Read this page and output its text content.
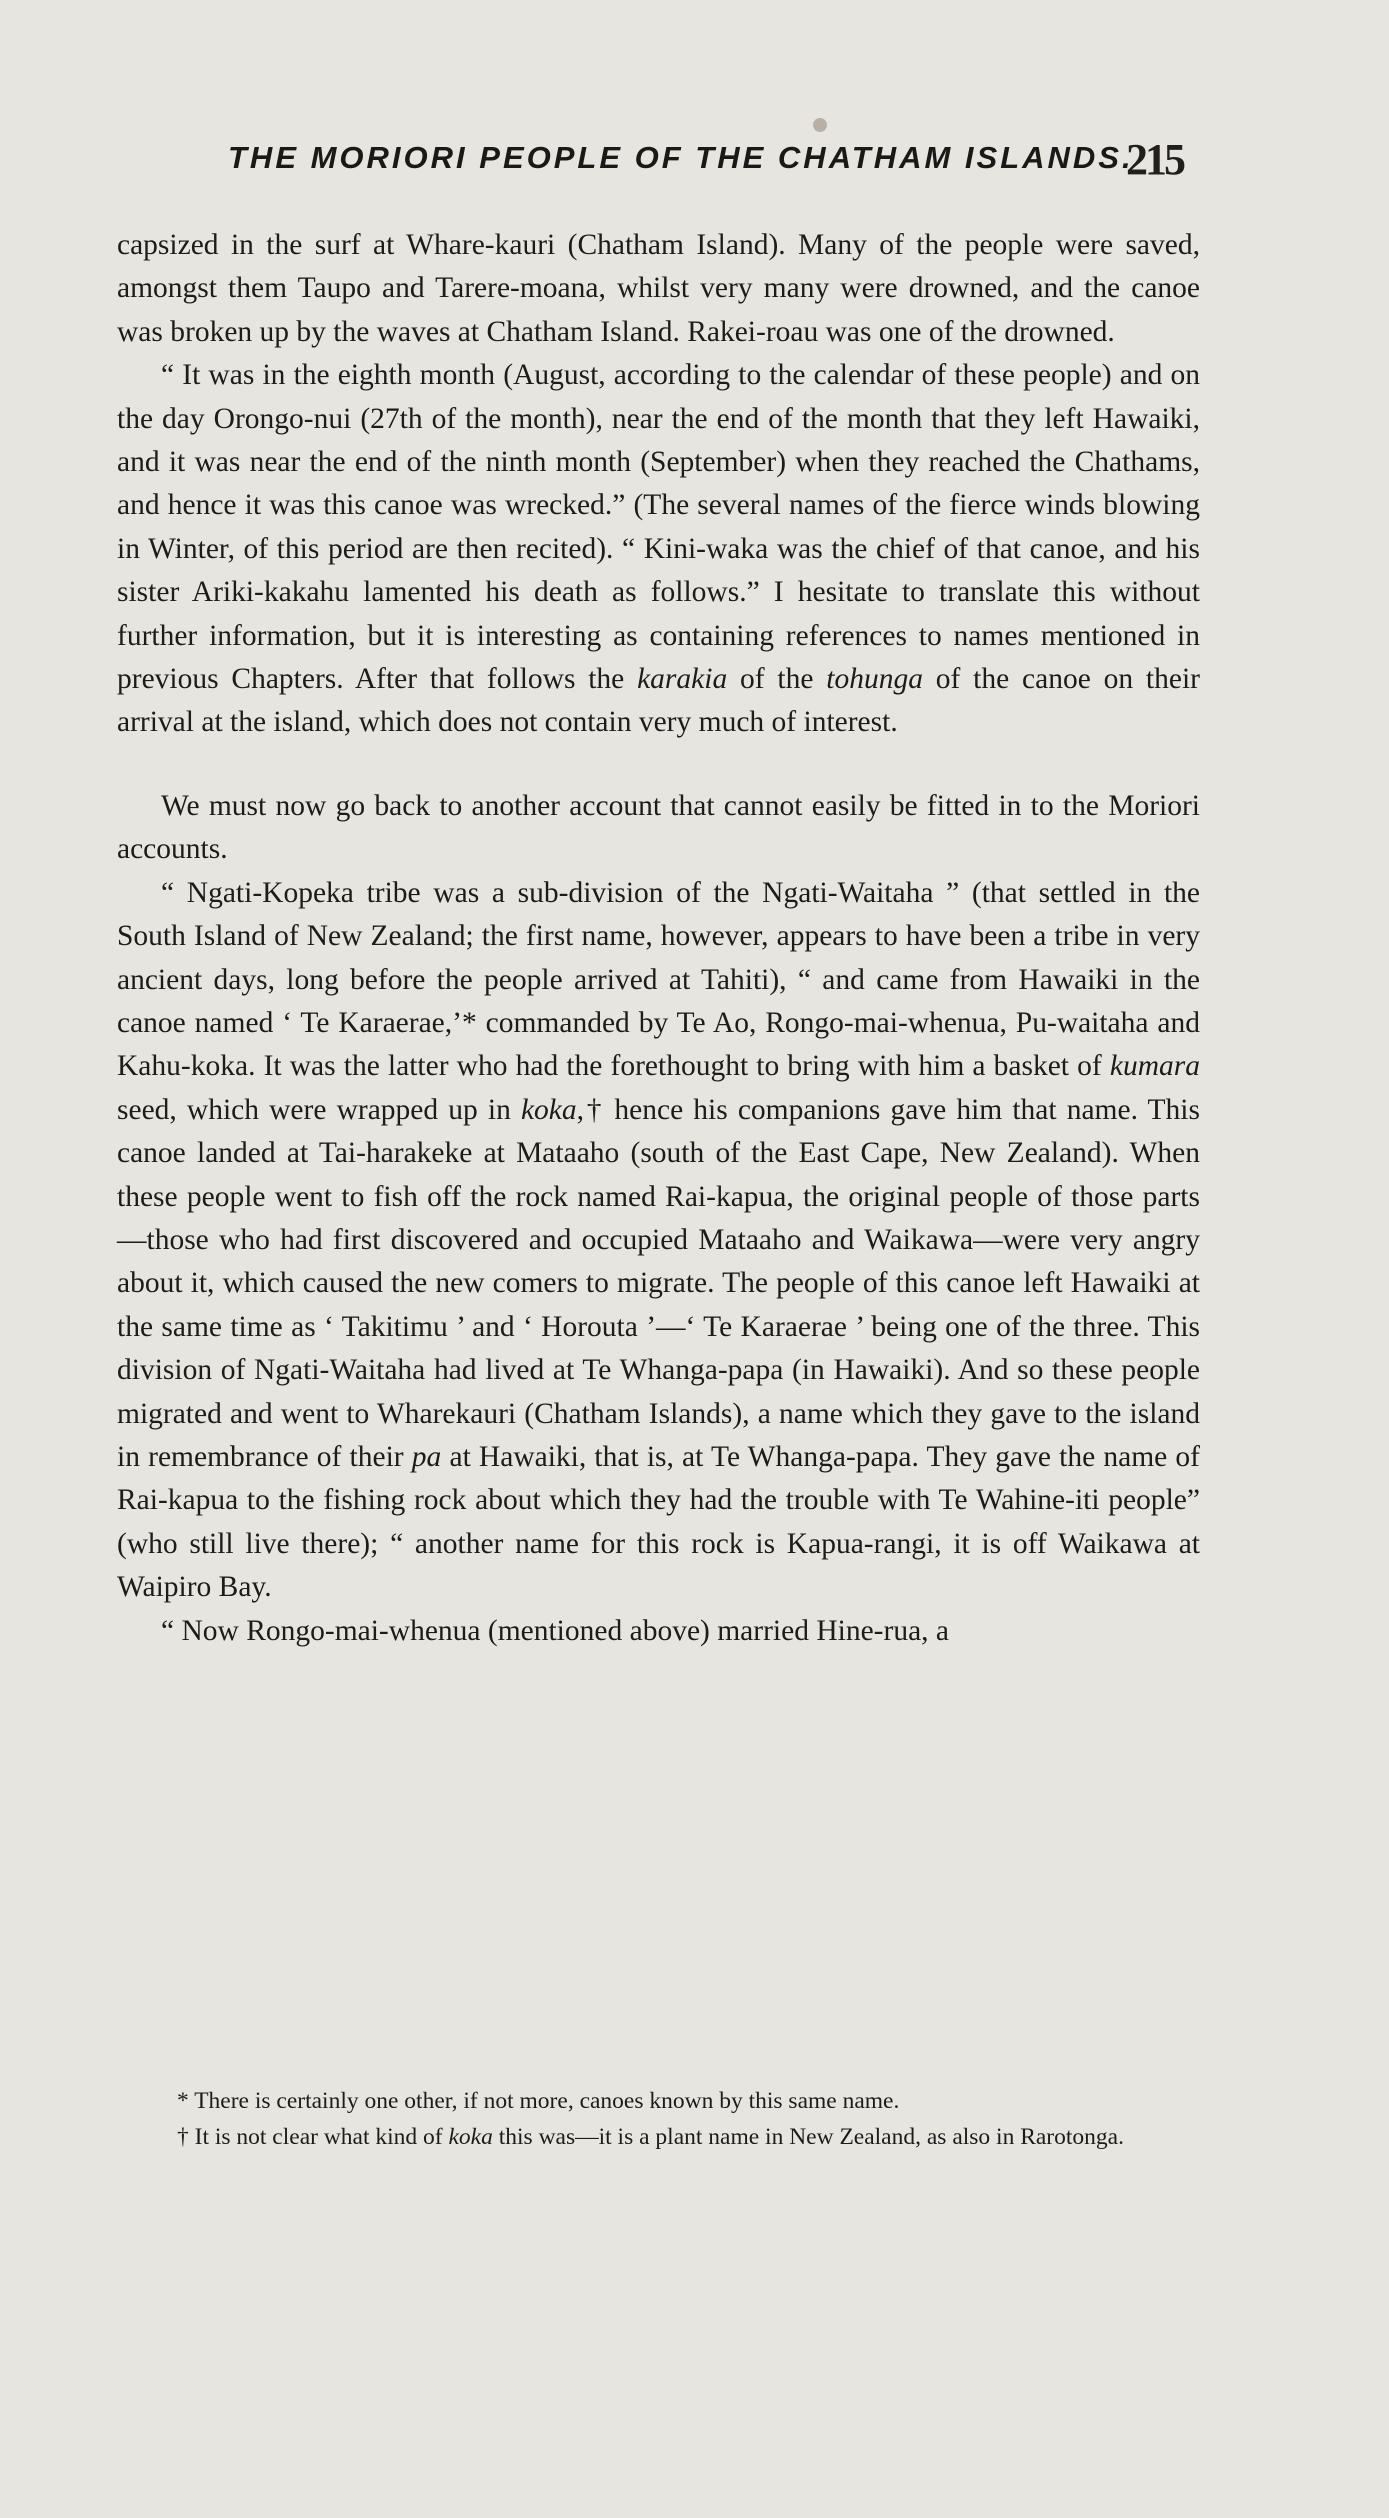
THE MORIORI PEOPLE OF THE CHATHAM ISLANDS.
215

capsized in the surf at Whare-kauri (Chatham Island). Many of the people were saved, amongst them Taupo and Tarere-moana, whilst very many were drowned, and the canoe was broken up by the waves at Chatham Island. Rakei-roau was one of the drowned.

“ It was in the eighth month (August, according to the calendar of these people) and on the day Orongo-nui (27th of the month), near the end of the month that they left Hawaiki, and it was near the end of the ninth month (September) when they reached the Chathams, and hence it was this canoe was wrecked.” (The several names of the fierce winds blowing in Winter, of this period are then recited). “ Kini-waka was the chief of that canoe, and his sister Ariki-kakahu lamented his death as follows.” I hesitate to translate this without further information, but it is interesting as containing references to names mentioned in previous Chapters. After that follows the karakia of the tohunga of the canoe on their arrival at the island, which does not contain very much of interest.

We must now go back to another account that cannot easily be fitted in to the Moriori accounts.

“ Ngati-Kopeka tribe was a sub-division of the Ngati-Waitaha ” (that settled in the South Island of New Zealand; the first name, however, appears to have been a tribe in very ancient days, long before the people arrived at Tahiti), “ and came from Hawaiki in the canoe named ‘ Te Karaerae,’* commanded by Te Ao, Rongo-mai-whenua, Pu-waitaha and Kahu-koka. It was the latter who had the forethought to bring with him a basket of kumara seed, which were wrapped up in koka,† hence his companions gave him that name. This canoe landed at Tai-harakeke at Mataaho (south of the East Cape, New Zealand). When these people went to fish off the rock named Rai-kapua, the original people of those parts—those who had first discovered and occupied Mataaho and Waikawa—were very angry about it, which caused the new comers to migrate. The people of this canoe left Hawaiki at the same time as ‘ Takitimu ’ and ‘ Horouta ’—‘ Te Karaerae ’ being one of the three. This division of Ngati-Waitaha had lived at Te Whanga-papa (in Hawaiki). And so these people migrated and went to Wharekauri (Chatham Islands), a name which they gave to the island in remembrance of their pa at Hawaiki, that is, at Te Whanga-papa. They gave the name of Rai-kapua to the fishing rock about which they had the trouble with Te Wahine-iti people” (who still live there); “ another name for this rock is Kapua-rangi, it is off Waikawa at Waipiro Bay.

“ Now Rongo-mai-whenua (mentioned above) married Hine-rua, a

* There is certainly one other, if not more, canoes known by this same name.

† It is not clear what kind of koka this was—it is a plant name in New Zealand, as also in Rarotonga.
